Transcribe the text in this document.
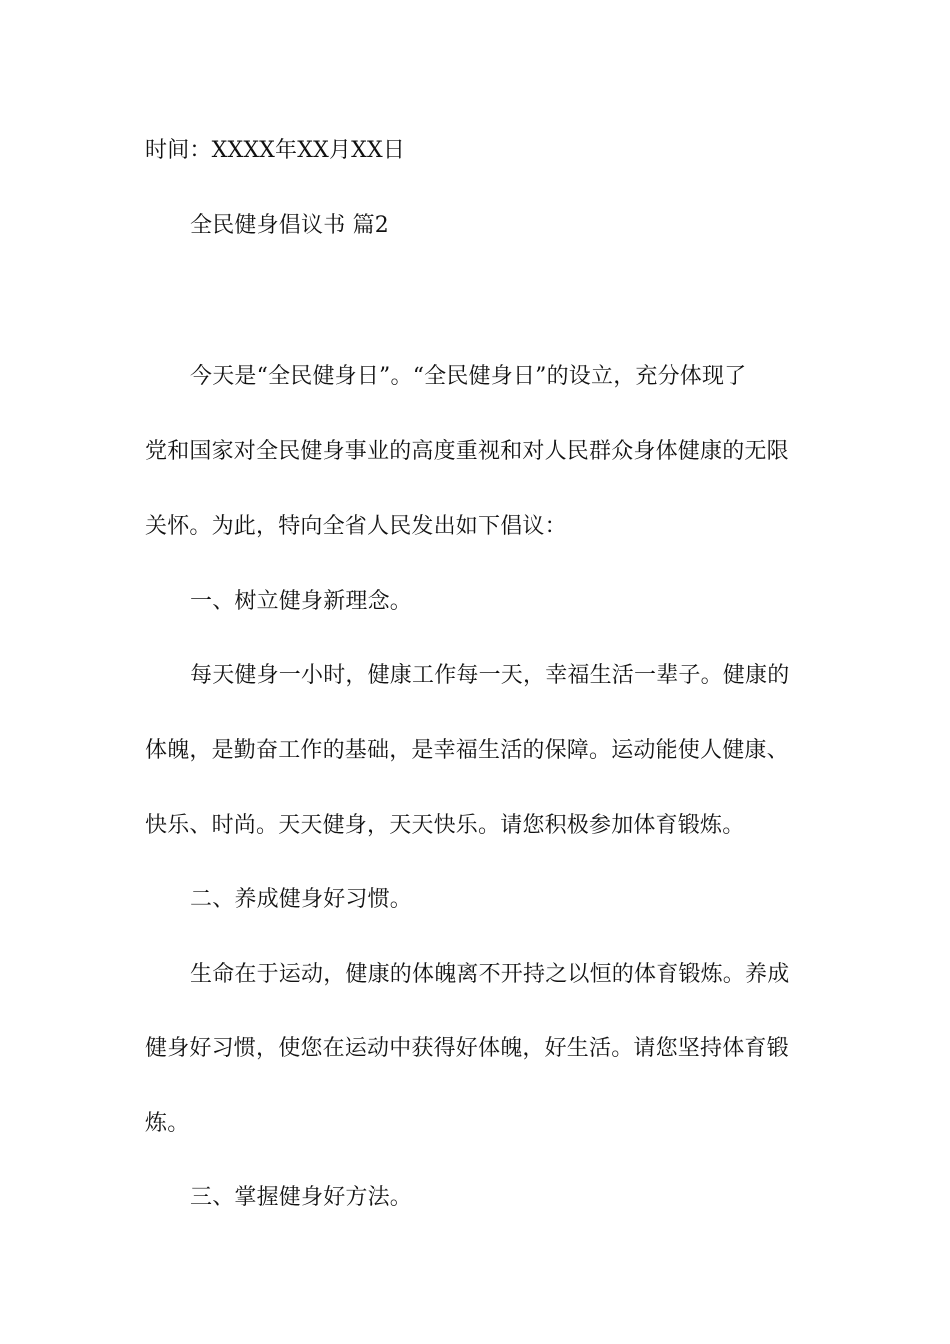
时间：XXXX年XX月XX日
全民健身倡议书 篇2
今天是“全民健身日”。“全民健身日”的设立，充分体现了
党和国家对全民健身事业的高度重视和对人民群众身体健康的无限
关怀。为此，特向全省人民发出如下倡议：
一、树立健身新理念。
每天健身一小时，健康工作每一天，幸福生活一辈子。健康的
体魄，是勤奋工作的基础，是幸福生活的保障。运动能使人健康、
快乐、时尚。天天健身，天天快乐。请您积极参加体育锻炼。
二、养成健身好习惯。
生命在于运动，健康的体魄离不开持之以恒的体育锻炼。养成
健身好习惯，使您在运动中获得好体魄，好生活。请您坚持体育锻
炼。
三、掌握健身好方法。
